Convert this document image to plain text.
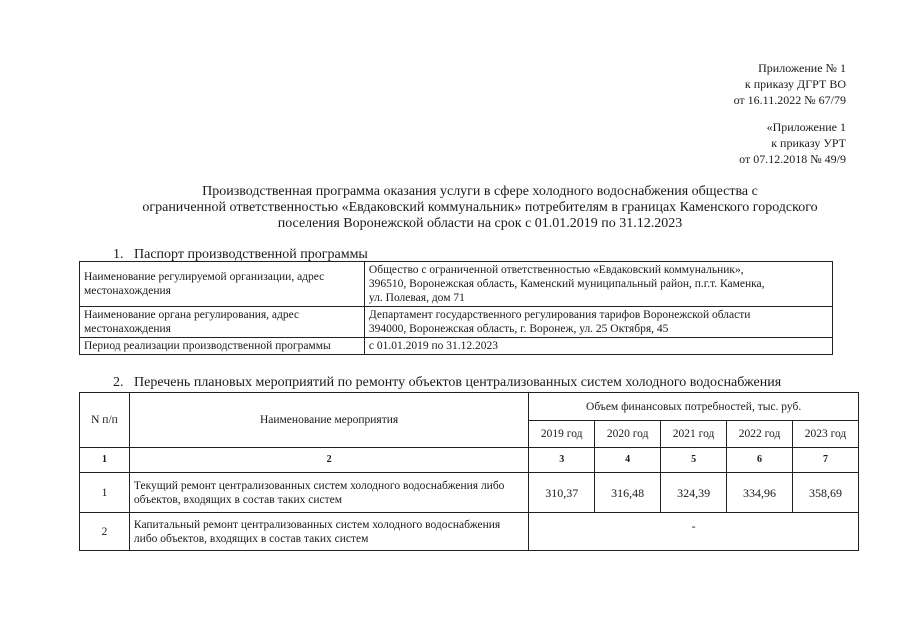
Приложение № 1
к приказу ДГРТ ВО
от 16.11.2022 № 67/79
«Приложение 1
к приказу УРТ
от 07.12.2018 № 49/9
Производственная программа оказания услуги в сфере холодного водоснабжения общества с
ограниченной ответственностью «Евдаковский коммунальник» потребителям в границах Каменского городского
поселения Воронежской области на срок с 01.01.2019 по 31.12.2023
1. Паспорт производственной программы
Наименование регулируемой организации, адрес местонахождения	Общество с ограниченной ответственностью «Евдаковский коммунальник»,
396510, Воронежская область, Каменский муниципальный район, п.г.т. Каменка,
ул. Полевая, дом 71

Наименование органа регулирования, адрес местонахождения	Департамент государственного регулирования тарифов Воронежской области
394000, Воронежская область, г. Воронеж, ул. 25 Октября, 45

Период реализации производственной программы	с 01.01.2019 по 31.12.2023
2. Перечень плановых мероприятий по ремонту объектов централизованных систем холодного водоснабжения
N п/п	Наименование мероприятия	Объем финансовых потребностей, тыс. руб.				
		2019 год	2020 год	2021 год	2022 год	2023 год
1	2	3	4	5	6	7
1	Текущий ремонт централизованных систем холодного водоснабжения либо объектов, входящих в состав таких систем	310,37	316,48	324,39	334,96	358,69
2	Капитальный ремонт централизованных систем холодного водоснабжения либо объектов, входящих в состав таких систем	-				
